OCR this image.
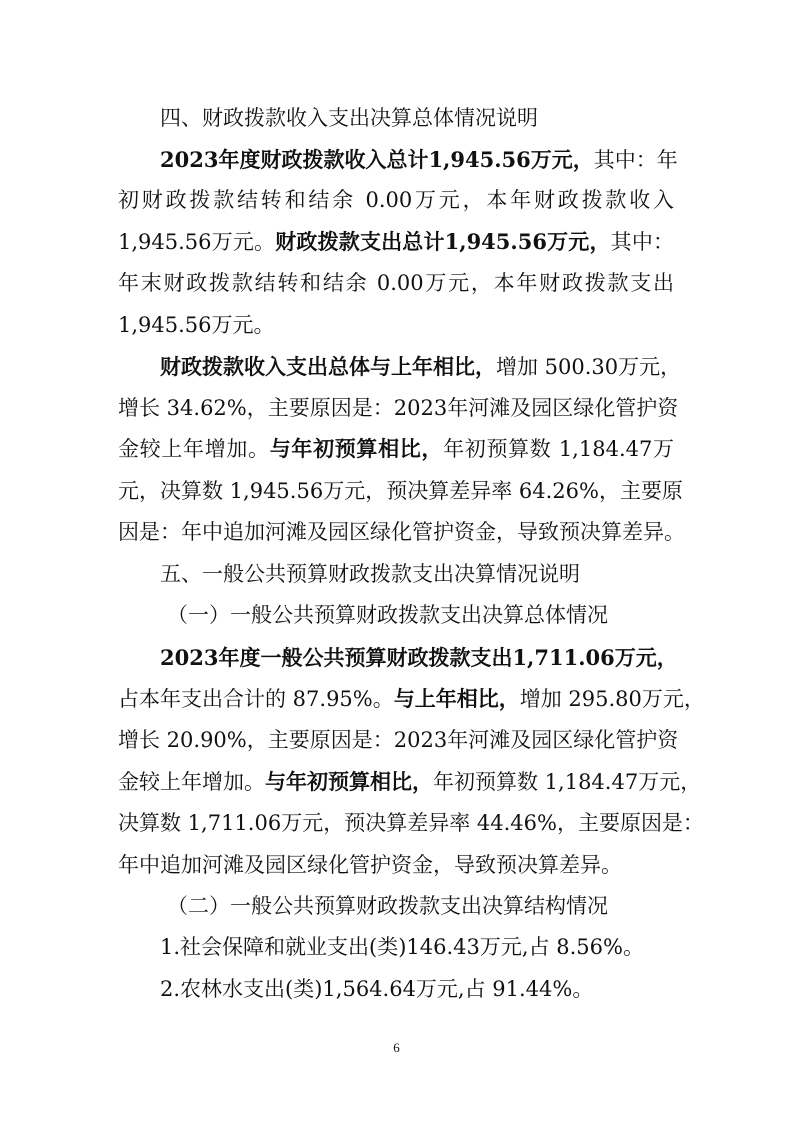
四、财政拨款收入支出决算总体情况说明
2023年度财政拨款收入总计1,945.56万元，其中：年
初财政拨款结转和结余 0.00万元，本年财政拨款收入
1,945.56万元。财政拨款支出总计1,945.56万元，其中：
年末财政拨款结转和结余 0.00万元，本年财政拨款支出
1,945.56万元。
财政拨款收入支出总体与上年相比，增加 500.30万元，
增长 34.62%，主要原因是：2023年河滩及园区绿化管护资
金较上年增加。与年初预算相比，年初预算数 1,184.47万
元，决算数 1,945.56万元，预决算差异率 64.26%，主要原
因是：年中追加河滩及园区绿化管护资金，导致预决算差异。
五、一般公共预算财政拨款支出决算情况说明
（一）一般公共预算财政拨款支出决算总体情况
2023年度一般公共预算财政拨款支出1,711.06万元，
占本年支出合计的 87.95%。与上年相比，增加 295.80万元，
增长 20.90%，主要原因是：2023年河滩及园区绿化管护资
金较上年增加。与年初预算相比，年初预算数 1,184.47万元，
决算数 1,711.06万元，预决算差异率 44.46%，主要原因是：
年中追加河滩及园区绿化管护资金，导致预决算差异。
（二）一般公共预算财政拨款支出决算结构情况
1.社会保障和就业支出(类)146.43万元,占 8.56%。
2.农林水支出(类)1,564.64万元,占 91.44%。
6
